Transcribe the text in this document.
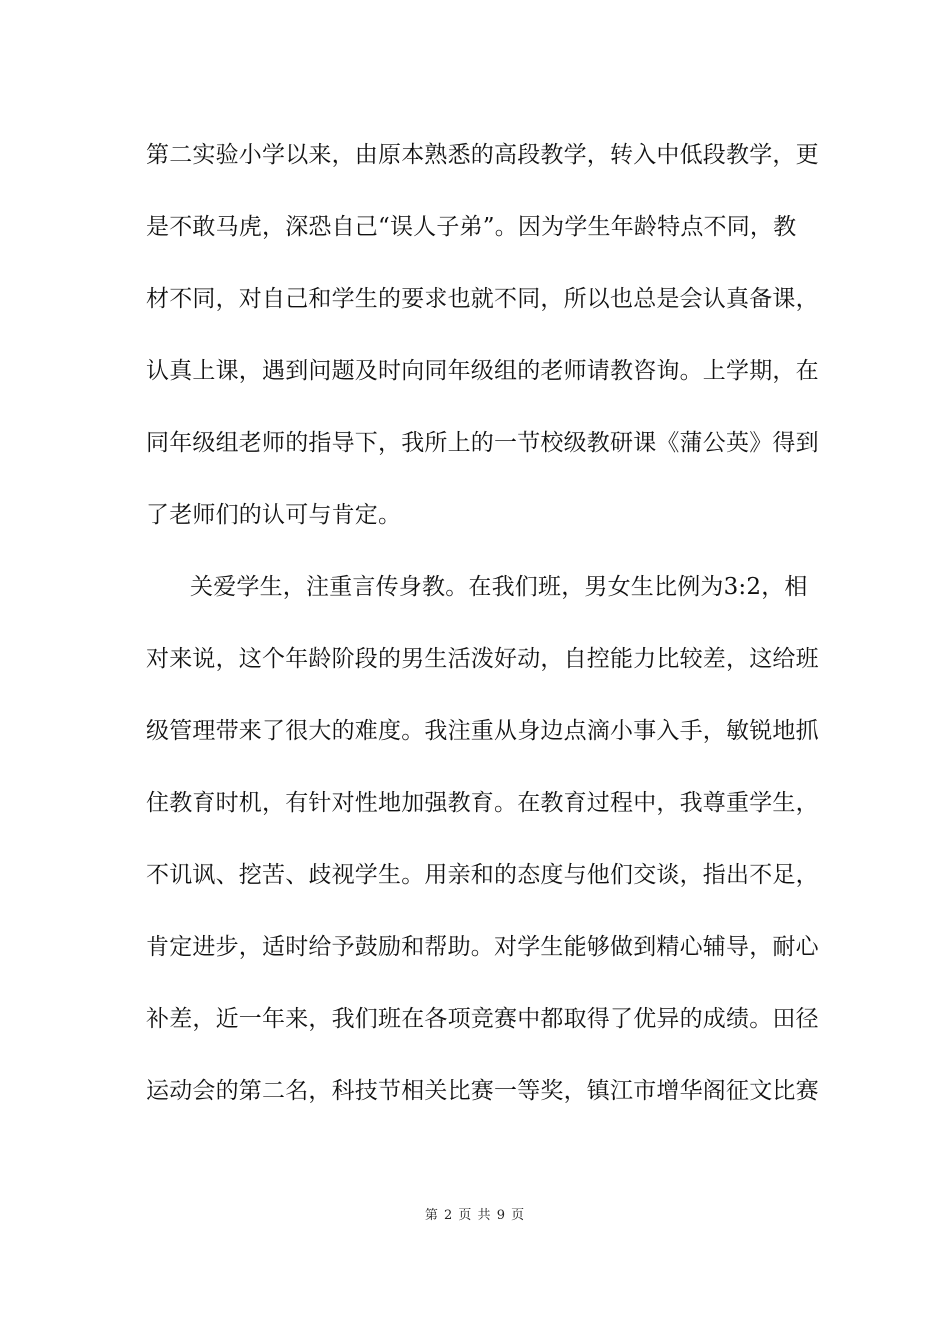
第二实验小学以来，由原本熟悉的高段教学，转入中低段教学，更
是不敢马虎，深恐自己“误人子弟”。因为学生年龄特点不同，教
材不同，对自己和学生的要求也就不同，所以也总是会认真备课，
认真上课，遇到问题及时向同年级组的老师请教咨询。上学期，在
同年级组老师的指导下，我所上的一节校级教研课《蒲公英》得到
了老师们的认可与肯定。
关爱学生，注重言传身教。在我们班，男女生比例为3:2，相
对来说，这个年龄阶段的男生活泼好动，自控能力比较差，这给班
级管理带来了很大的难度。我注重从身边点滴小事入手，敏锐地抓
住教育时机，有针对性地加强教育。在教育过程中，我尊重学生，
不讥讽、挖苦、歧视学生。用亲和的态度与他们交谈，指出不足，
肯定进步，适时给予鼓励和帮助。对学生能够做到精心辅导，耐心
补差，近一年来，我们班在各项竞赛中都取得了优异的成绩。田径
运动会的第二名，科技节相关比赛一等奖，镇江市增华阁征文比赛
第 2 页 共 9 页
